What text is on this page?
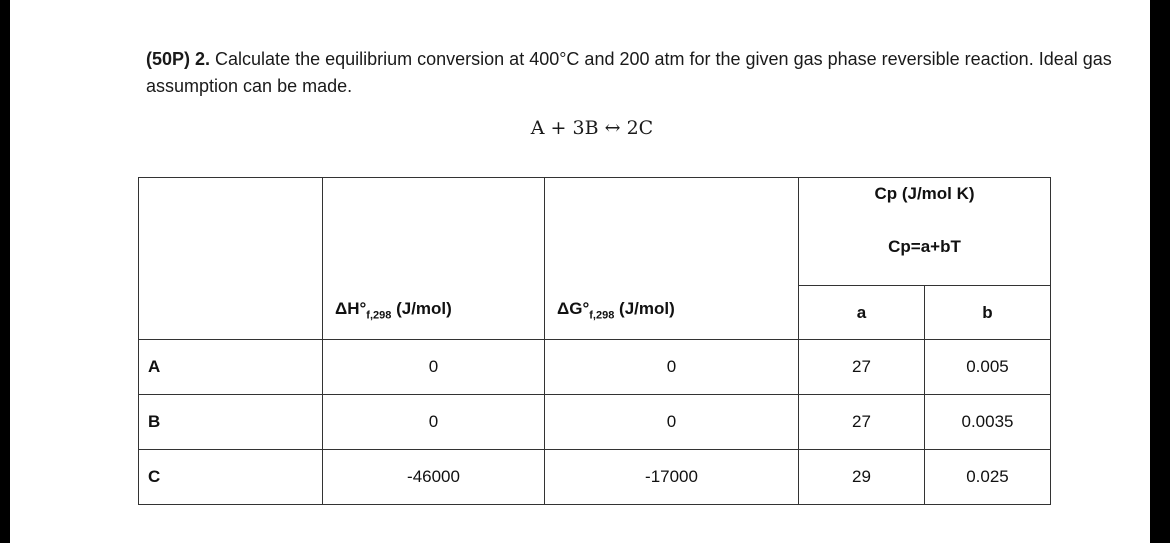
(50P) 2. Calculate the equilibrium conversion at 400°C and 200 atm for the given gas phase reversible reaction. Ideal gas assumption can be made.
A + 3B ↔ 2C

	$\Delta H^\circ_{f,298}$ (J/mol)	$\Delta G^\circ_{f,298}$ (J/mol)	Cp (J/mol K)
Cp=a+bT	

			a	b

A	0	0	27	0.005

B	0	0	27	0.0035

C	-46000	-17000	29	0.025
